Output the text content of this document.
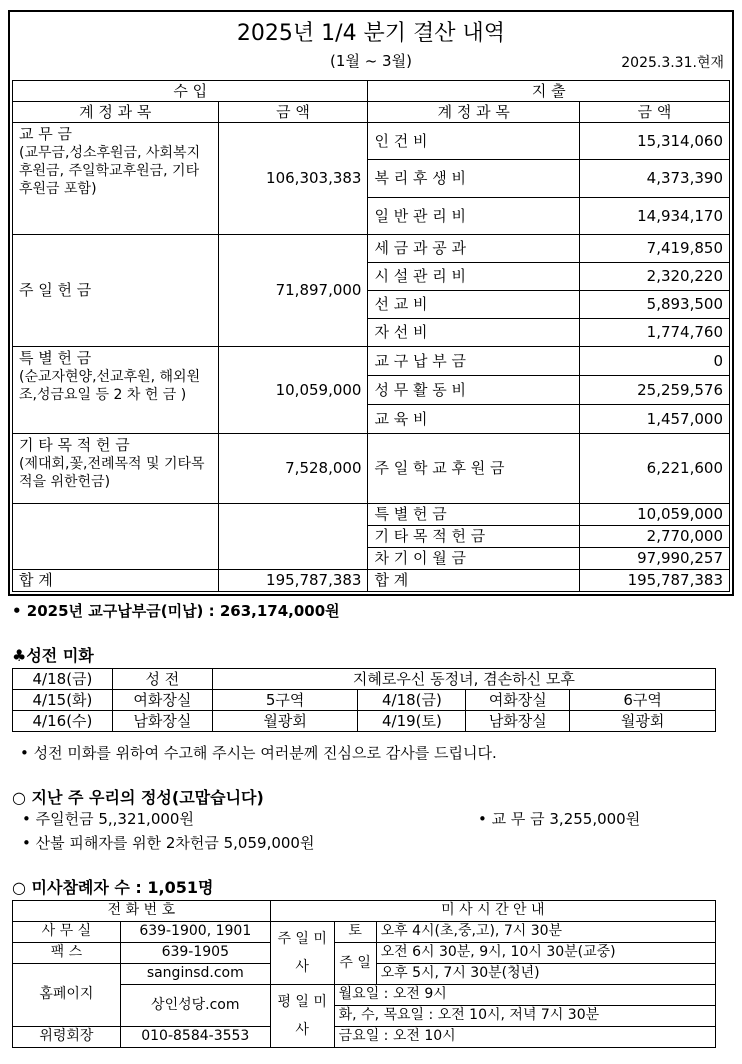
2025년 1/4 분기 결산 내역
(1월 ~ 3월)	2025.3.31.현재
수 입		지 출	
계 정 과 목	금 액	계 정 과 목	금 액

교 무 금
(교무금,성소후원금, 사회복지후원금, 주일학교후원금, 기타후원금 포함)	106,303,383	인 건 비	15,314,060
		복 리 후 생 비	4,373,390
		일 반 관 리 비	14,934,170
주 일 헌 금	71,897,000	세 금 과 공 과	7,419,850
		시 설 관 리 비	2,320,220
		선 교 비	5,893,500
		자 선 비	1,774,760

특 별 헌 금
(순교자현양,선교후원, 해외원조,성금요일 등 2 차 헌 금 )	10,059,000	교 구 납 부 금	0
		성 무 활 동 비	25,259,576
		교 육 비	1,457,000

기 타 목 적 헌 금
(제대회,꽃,전례목적 및 기타목적을 위한헌금)	7,528,000	주 일 학 교 후 원 금	6,221,600
		특 별 헌 금	10,059,000
		기 타 목 적 헌 금	2,770,000
		차 기 이 월 금	97,990,257
합 계	195,787,383	합 계	195,787,383
• 2025년 교구납부금(미납) : 263,174,000원
♣성전 미화
4/18(금)	성 전	지혜로우신 동정녀, 겸손하신 모후			
4/15(화)	여화장실	5구역	4/18(금)	여화장실	6구역
4/16(수)	남화장실	월광회	4/19(토)	남화장실	월광회
• 성전 미화를 위하여 수고해 주시는 여러분께 진심으로 감사를 드립니다.
○ 지난 주 우리의 정성(고맙습니다)
• 주일헌금 5,,321,000원	• 교 무 금 3,255,000원
• 산불 피해자를 위한 2차헌금 5,059,000원
○ 미사참례자 수 : 1,051명
전 화 번 호		미 사 시 간 안 내		
사 무 실	639-1900, 1901	주 일 미 사	토	오후 4시(초,중,고), 7시 30분
팩 스	639-1905		주 일	오전 6시 30분, 9시, 10시 30분(교중)
홈페이지	sanginsd.com			오후 5시, 7시 30분(청년)
	상인성당.com	평 일 미 사	월요일 : 오전 9시	
			화, 수, 목요일 : 오전 10시, 저녁 7시 30분	
위령회장	010-8584-3553		금요일 : 오전 10시	
